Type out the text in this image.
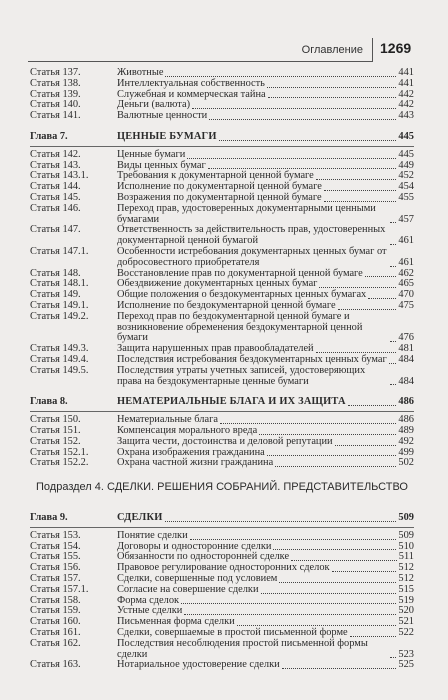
Оглавление 1269
Статья 137.	Животные	441
Статья 138.	Интеллектуальная собственность	441
Статья 139.	Служебная и коммерческая тайна	442
Статья 140.	Деньги (валюта)	442
Статья 141.	Валютные ценности	443
Глава 7.	ЦЕННЫЕ БУМАГИ	445
Статья 142.	Ценные бумаги	445
Статья 143.	Виды ценных бумаг	449
Статья 143.1.	Требования к документарной ценной бумаге	452
Статья 144.	Исполнение по документарной ценной бумаге	454
Статья 145.	Возражения по документарной ценной бумаге	455
Статья 146.	Переход прав, удостоверенных документарными ценными бумагами	457
Статья 147.	Ответственность за действительность прав, удостоверенных документарной ценной бумагой	461
Статья 147.1.	Особенности истребования документарных ценных бумаг от добросовестного приобретателя	461
Статья 148.	Восстановление прав по документарной ценной бумаге	462
Статья 148.1.	Обездвижение документарных ценных бумаг	465
Статья 149.	Общие положения о бездокументарных ценных бумагах	470
Статья 149.1.	Исполнение по бездокументарной ценной бумаге	475
Статья 149.2.	Переход прав по бездокументарной ценной бумаге и возникновение обременения бездокументарной ценной бумаги	476
Статья 149.3.	Защита нарушенных прав правообладателей	481
Статья 149.4.	Последствия истребования бездокументарных ценных бумаг 484
Статья 149.5.	Последствия утраты учетных записей, удостоверяющих права на бездокументарные ценные бумаги	484
Глава 8.	НЕМАТЕРИАЛЬНЫЕ БЛАГА И ИХ ЗАЩИТА	486
Статья 150.	Нематериальные блага	486
Статья 151.	Компенсация морального вреда	489
Статья 152.	Защита чести, достоинства и деловой репутации	492
Статья 152.1.	Охрана изображения гражданина	499
Статья 152.2.	Охрана частной жизни гражданина	502
Подраздел 4. СДЕЛКИ. РЕШЕНИЯ СОБРАНИЙ. ПРЕДСТАВИТЕЛЬСТВО
Глава 9.	СДЕЛКИ	509
Статья 153.	Понятие сделки	509
Статья 154.	Договоры и односторонние сделки	510
Статья 155.	Обязанности по односторонней сделке	511
Статья 156.	Правовое регулирование односторонних сделок	512
Статья 157.	Сделки, совершенные под условием	512
Статья 157.1.	Согласие на совершение сделки	515
Статья 158.	Форма сделок	519
Статья 159.	Устные сделки	520
Статья 160.	Письменная форма сделки	521
Статья 161.	Сделки, совершаемые в простой письменной форме	522
Статья 162.	Последствия несоблюдения простой письменной формы сделки	523
Статья 163.	Нотариальное удостоверение сделки	525
